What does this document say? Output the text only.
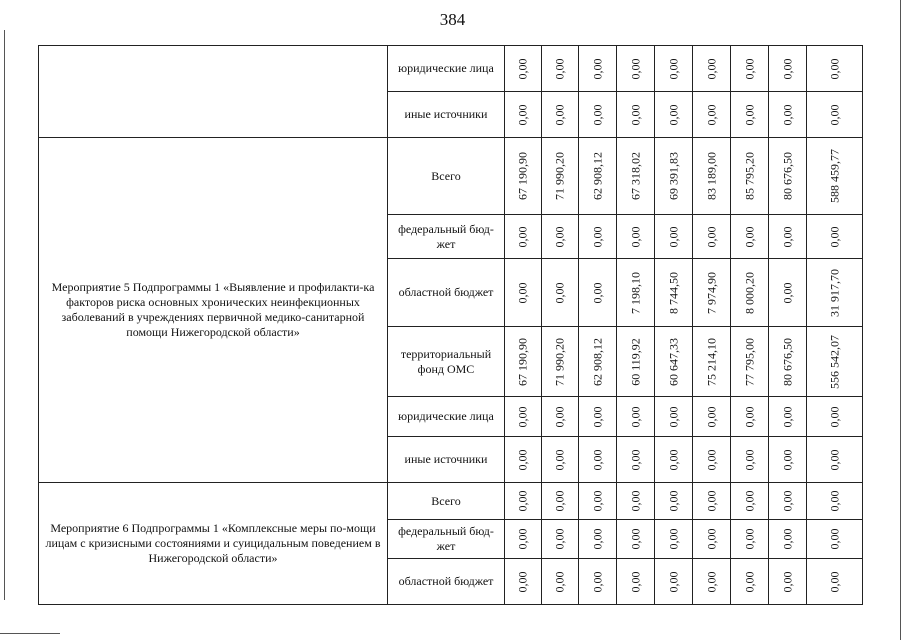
384
	юридические лица	0,00	0,00	0,00	0,00	0,00	0,00	0,00	0,00	0,00

	иные источники	0,00	0,00	0,00	0,00	0,00	0,00	0,00	0,00	0,00

Мероприятие 5 Подпрограммы 1 «Выявление и профилакти-ка факторов риска основных хронических неинфекционных заболеваний в учреждениях первичной медико-санитарной помощи Нижегородской области»	Всего	67 190,90	71 990,20	62 908,12	67 318,02	69 391,83	83 189,00	85 795,20	80 676,50	588 459,77

	федеральный бюд-жет	0,00	0,00	0,00	0,00	0,00	0,00	0,00	0,00	0,00

	областной бюджет	0,00	0,00	0,00	7 198,10	8 744,50	7 974,90	8 000,20	0,00	31 917,70

	территориальный фонд ОМС	67 190,90	71 990,20	62 908,12	60 119,92	60 647,33	75 214,10	77 795,00	80 676,50	556 542,07

	юридические лица	0,00	0,00	0,00	0,00	0,00	0,00	0,00	0,00	0,00

	иные источники	0,00	0,00	0,00	0,00	0,00	0,00	0,00	0,00	0,00

Мероприятие 6 Подпрограммы 1 «Комплексные меры по-мощи лицам с кризисными состояниями и суицидальным поведением в Нижегородской области»	Всего	0,00	0,00	0,00	0,00	0,00	0,00	0,00	0,00	0,00

	федеральный бюд-жет	0,00	0,00	0,00	0,00	0,00	0,00	0,00	0,00	0,00

	областной бюджет	0,00	0,00	0,00	0,00	0,00	0,00	0,00	0,00	0,00
